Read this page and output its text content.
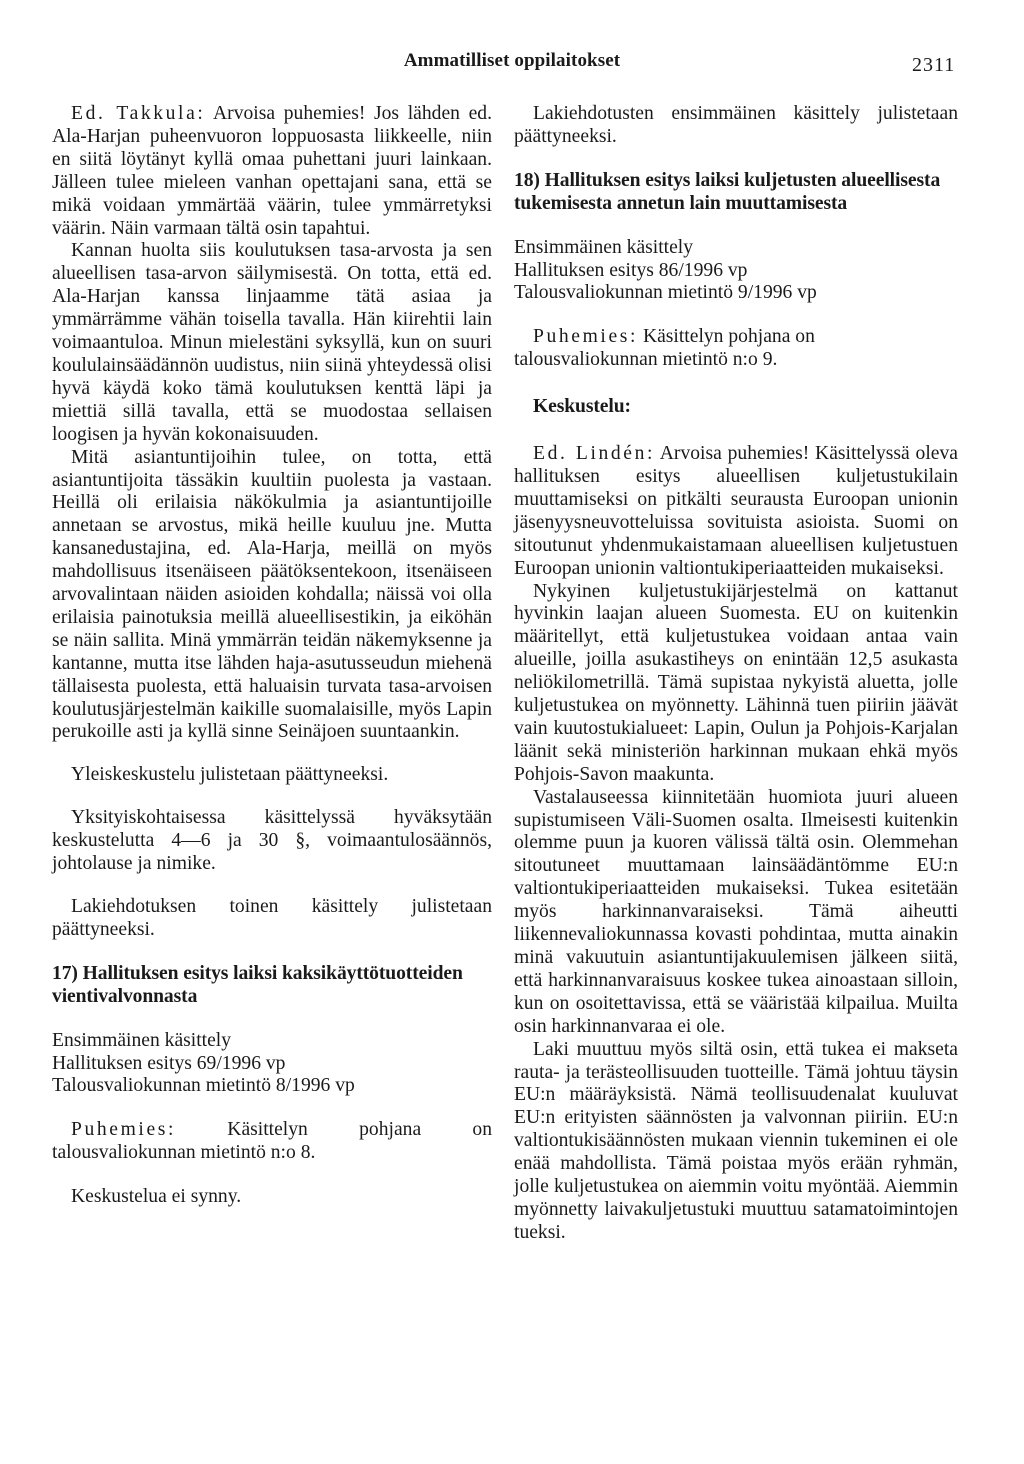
Ammatilliset oppilaitokset	2311

Ed. Takkula: Arvoisa puhemies! Jos lähden ed. Ala-Harjan puheenvuoron loppuosasta liikkeelle, niin en siitä löytänyt kyllä omaa puhettani juuri lainkaan. Jälleen tulee mieleen vanhan opettajani sana, että se mikä voidaan ymmärtää väärin, tulee ymmärretyksi väärin. Näin varmaan tältä osin tapahtui.

Kannan huolta siis koulutuksen tasa-arvosta ja sen alueellisen tasa-arvon säilymisestä. On totta, että ed. Ala-Harjan kanssa linjaamme tätä asiaa ja ymmärrämme vähän toisella tavalla. Hän kiirehtii lain voimaantuloa. Minun mielestäni syksyllä, kun on suuri koululainsäädännön uudistus, niin siinä yhteydessä olisi hyvä käydä koko tämä koulutuksen kenttä läpi ja miettiä sillä tavalla, että se muodostaa sellaisen loogisen ja hyvän kokonaisuuden.

Mitä asiantuntijoihin tulee, on totta, että asiantuntijoita tässäkin kuultiin puolesta ja vastaan. Heillä oli erilaisia näkökulmia ja asiantuntijoille annetaan se arvostus, mikä heille kuuluu jne. Mutta kansanedustajina, ed. Ala-Harja, meillä on myös mahdollisuus itsenäiseen päätöksentekoon, itsenäiseen arvovalintaan näiden asioiden kohdalla; näissä voi olla erilaisia painotuksia meillä alueellisestikin, ja eiköhän se näin sallita. Minä ymmärrän teidän näkemyksenne ja kantanne, mutta itse lähden haja-asutusseudun miehenä tällaisesta puolesta, että haluaisin turvata tasa-arvoisen koulutusjärjestelmän kaikille suomalaisille, myös Lapin perukoille asti ja kyllä sinne Seinäjoen suuntaankin.

Yleiskeskustelu julistetaan päättyneeksi.

Yksityiskohtaisessa käsittelyssä hyväksytään keskustelutta 4—6 ja 30 §, voimaantulosäännös, johtolause ja nimike.

Lakiehdotuksen toinen käsittely julistetaan päättyneeksi.

17) Hallituksen esitys laiksi kaksikäyttötuotteiden vientivalvonnasta

Ensimmäinen käsittely
Hallituksen esitys 69/1996 vp
Talousvaliokunnan mietintö 8/1996 vp

Puhemies: Käsittelyn pohjana on talousvaliokunnan mietintö n:o 8.

Keskustelua ei synny.

Lakiehdotusten ensimmäinen käsittely julistetaan päättyneeksi.

18) Hallituksen esitys laiksi kuljetusten alueellisesta tukemisesta annetun lain muuttamisesta

Ensimmäinen käsittely
Hallituksen esitys 86/1996 vp
Talousvaliokunnan mietintö 9/1996 vp

Puhemies: Käsittelyn pohjana on talousvaliokunnan mietintö n:o 9.

Keskustelu:

Ed. Lindén: Arvoisa puhemies! Käsittelyssä oleva hallituksen esitys alueellisen kuljetustukilain muuttamiseksi on pitkälti seurausta Euroopan unionin jäsenyysneuvotteluissa sovituista asioista. Suomi on sitoutunut yhdenmukaistamaan alueellisen kuljetustuen Euroopan unionin valtiontukiperiaatteiden mukaiseksi.

Nykyinen kuljetustukijärjestelmä on kattanut hyvinkin laajan alueen Suomesta. EU on kuitenkin määritellyt, että kuljetustukea voidaan antaa vain alueille, joilla asukastiheys on enintään 12,5 asukasta neliökilometrillä. Tämä supistaa nykyistä aluetta, jolle kuljetustukea on myönnetty. Lähinnä tuen piiriin jäävät vain kuutostukialueet: Lapin, Oulun ja Pohjois-Karjalan läänit sekä ministeriön harkinnan mukaan ehkä myös Pohjois-Savon maakunta.

Vastalauseessa kiinnitetään huomiota juuri alueen supistumiseen Väli-Suomen osalta. Ilmeisesti kuitenkin olemme puun ja kuoren välissä tältä osin. Olemmehan sitoutuneet muuttamaan lainsäädäntömme EU:n valtiontukiperiaatteiden mukaiseksi. Tukea esitetään myös harkinnanvaraiseksi. Tämä aiheutti liikennevaliokunnassa kovasti pohdintaa, mutta ainakin minä vakuutuin asiantuntijakuulemisen jälkeen siitä, että harkinnanvaraisuus koskee tukea ainoastaan silloin, kun on osoitettavissa, että se vääristää kilpailua. Muilta osin harkinnanvaraa ei ole.

Laki muuttuu myös siltä osin, että tukea ei makseta rauta- ja terästeollisuuden tuotteille. Tämä johtuu täysin EU:n määräyksistä. Nämä teollisuudenalat kuuluvat EU:n erityisten säännösten ja valvonnan piiriin. EU:n valtiontukisäännösten mukaan viennin tukeminen ei ole enää mahdollista. Tämä poistaa myös erään ryhmän, jolle kuljetustukea on aiemmin voitu myöntää. Aiemmin myönnetty laivakuljetustuki muuttuu satamatoimintojen tueksi.
